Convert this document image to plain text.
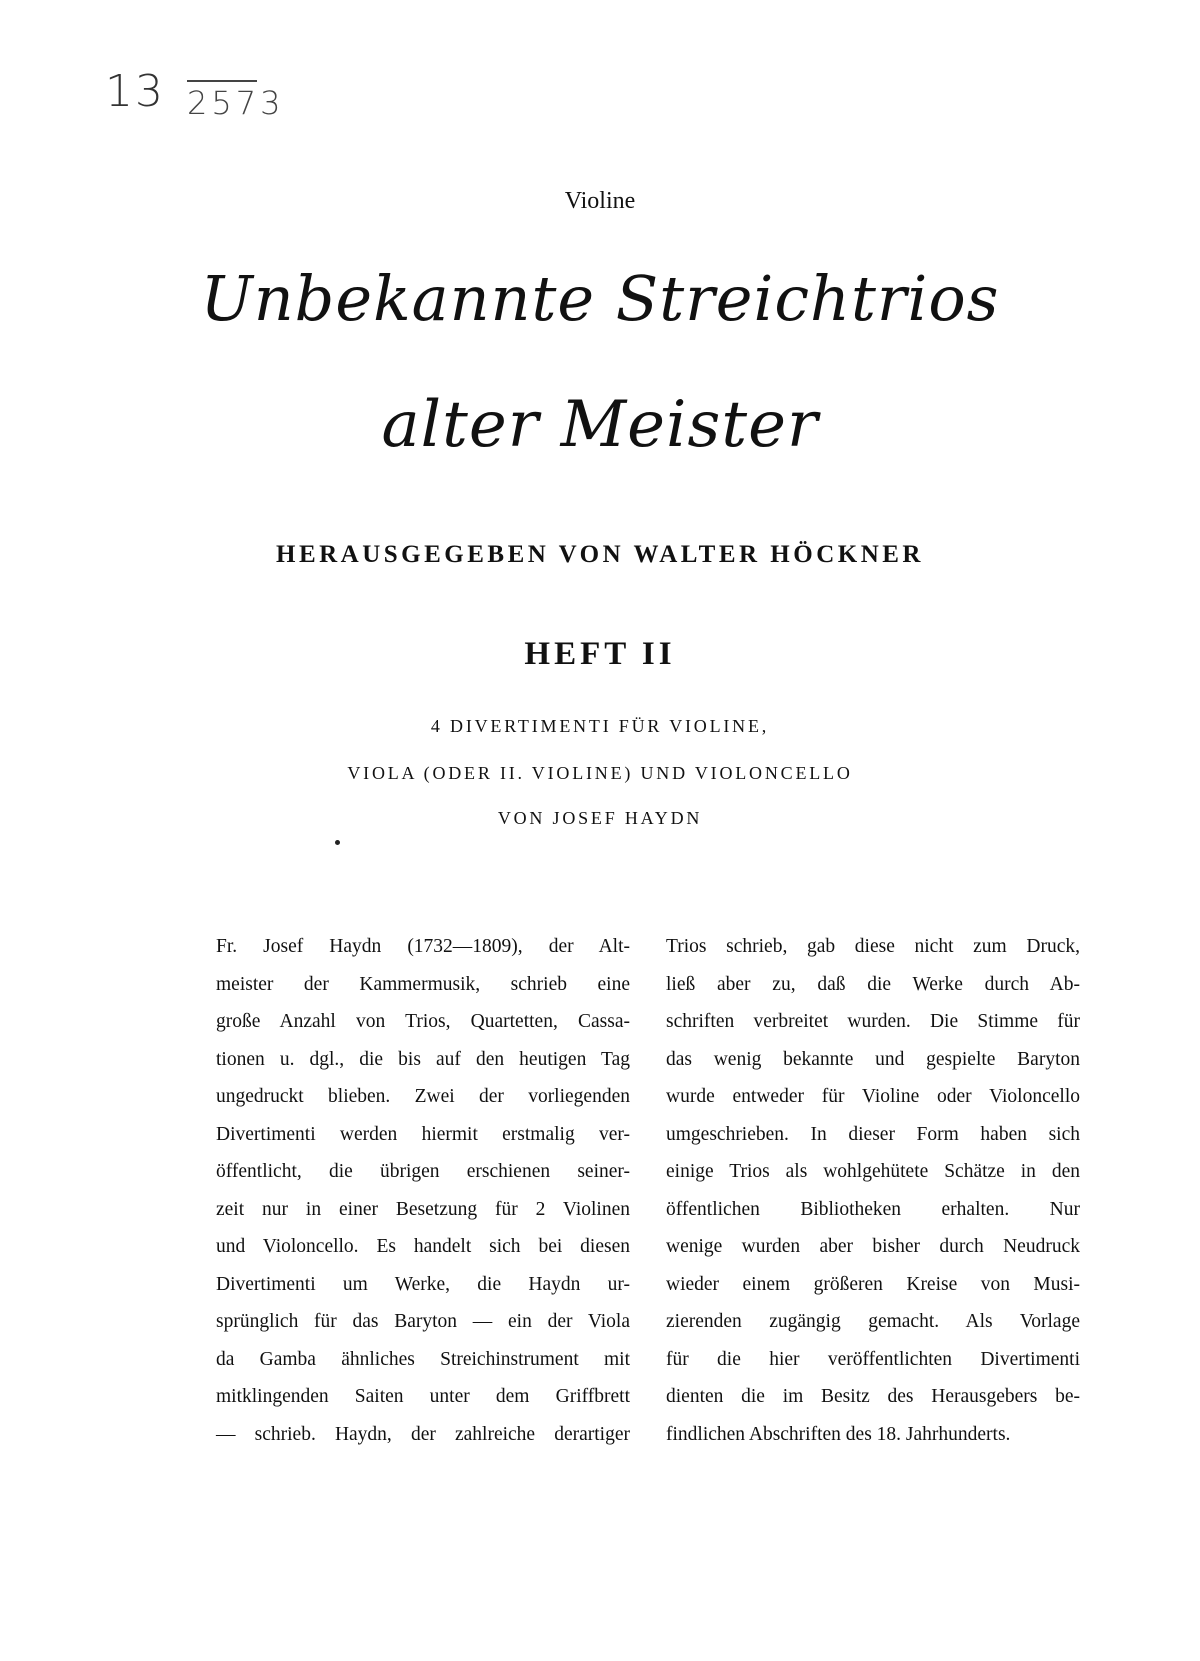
13 2573
Violine
Unbekannte Streichtrios
alter Meister
HERAUSGEGEBEN VON WALTER HÖCKNER
HEFT II
4 DIVERTIMENTI FÜR VIOLINE,
VIOLA (ODER II. VIOLINE) UND VIOLONCELLO
VON JOSEF HAYDN
Fr. Josef Haydn (1732—1809), der Alt-
meister der Kammermusik, schrieb eine
große Anzahl von Trios, Quartetten, Cassa-
tionen u. dgl., die bis auf den heutigen Tag
ungedruckt blieben. Zwei der vorliegenden
Divertimenti werden hiermit erstmalig ver-
öffentlicht, die übrigen erschienen seiner-
zeit nur in einer Besetzung für 2 Violinen
und Violoncello. Es handelt sich bei diesen
Divertimenti um Werke, die Haydn ur-
sprünglich für das Baryton — ein der Viola
da Gamba ähnliches Streichinstrument mit
mitklingenden Saiten unter dem Griffbrett
— schrieb. Haydn, der zahlreiche derartiger
Trios schrieb, gab diese nicht zum Druck,
ließ aber zu, daß die Werke durch Ab-
schriften verbreitet wurden. Die Stimme für
das wenig bekannte und gespielte Baryton
wurde entweder für Violine oder Violoncello
umgeschrieben. In dieser Form haben sich
einige Trios als wohlgehütete Schätze in den
öffentlichen Bibliotheken erhalten. Nur
wenige wurden aber bisher durch Neudruck
wieder einem größeren Kreise von Musi-
zierenden zugängig gemacht. Als Vorlage
für die hier veröffentlichten Divertimenti
dienten die im Besitz des Herausgebers be-
findlichen Abschriften des 18. Jahrhunderts.
